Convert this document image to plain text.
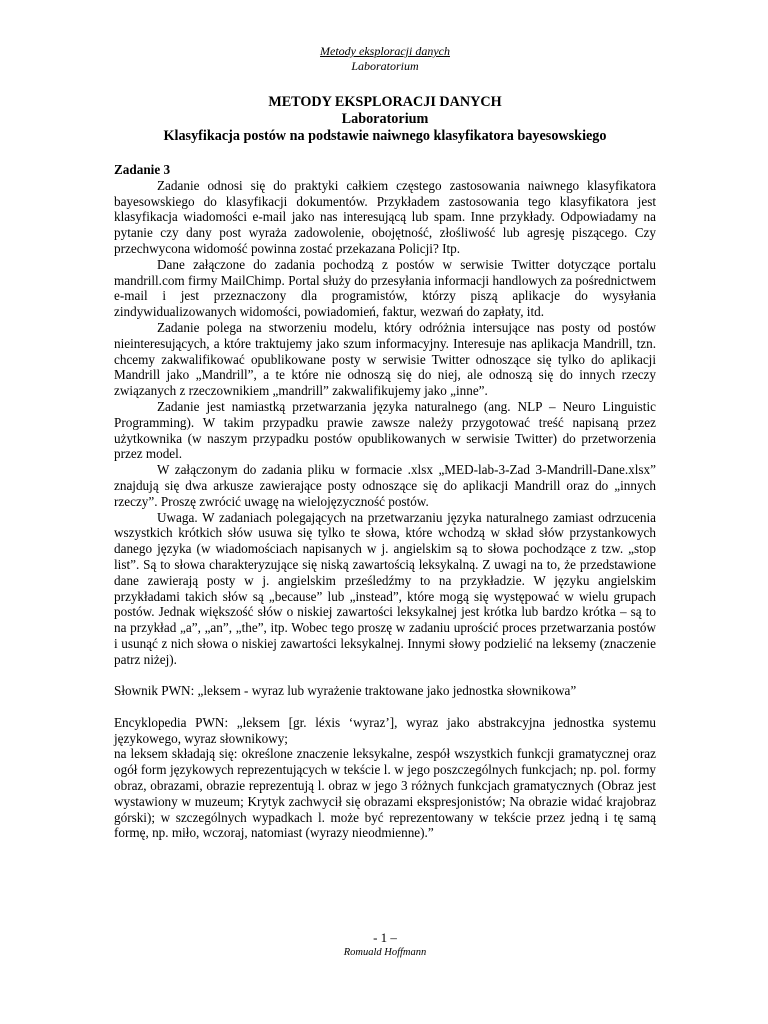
Metody eksploracji danych
Laboratorium
METODY EKSPLORACJI DANYCH
Laboratorium
Klasyfikacja postów na podstawie naiwnego klasyfikatora bayesowskiego
Zadanie 3

Zadanie odnosi się do praktyki całkiem częstego zastosowania naiwnego klasyfikatora bayesowskiego do klasyfikacji dokumentów. Przykładem zastosowania tego klasyfikatora jest klasyfikacja wiadomości e-mail jako nas interesującą lub spam. Inne przykłady. Odpowiadamy na pytanie czy dany post wyraża zadowolenie, obojętność, złośliwość lub agresję piszącego. Czy przechwycona widomość powinna zostać przekazana Policji? Itp.

Dane załączone do zadania pochodzą z postów w serwisie Twitter dotyczące portalu mandrill.com firmy MailChimp. Portal służy do przesyłania informacji handlowych za pośrednictwem e-mail i jest przeznaczony dla programistów, którzy piszą aplikacje do wysyłania zindywidualizowanych widomości, powiadomień, faktur, wezwań do zapłaty, itd.

Zadanie polega na stworzeniu modelu, który odróżnia intersujące nas posty od postów nieinteresujących, a które traktujemy jako szum informacyjny. Interesuje nas aplikacja Mandrill, tzn. chcemy zakwalifikować opublikowane posty w serwisie Twitter odnoszące się tylko do aplikacji Mandrill jako „Mandrill”, a te które nie odnoszą się do niej, ale odnoszą się do innych rzeczy związanych z rzeczownikiem „mandrill” zakwalifikujemy jako „inne”.

Zadanie jest namiastką przetwarzania języka naturalnego (ang. NLP – Neuro Linguistic Programming). W takim przypadku prawie zawsze należy przygotować treść napisaną przez użytkownika (w naszym przypadku postów opublikowanych w serwisie Twitter) do przetworzenia przez model.

W załączonym do zadania pliku w formacie .xlsx „MED-lab-3-Zad 3-Mandrill-Dane.xlsx” znajdują się dwa arkusze zawierające posty odnoszące się do aplikacji Mandrill oraz do „innych rzeczy”. Proszę zwrócić uwagę na wielojęzyczność postów.

Uwaga. W zadaniach polegających na przetwarzaniu języka naturalnego zamiast odrzucenia wszystkich krótkich słów usuwa się tylko te słowa, które wchodzą w skład słów przystankowych danego języka (w wiadomościach napisanych w j. angielskim są to słowa pochodzące z tzw. „stop list”. Są to słowa charakteryzujące się niską zawartością leksykalną. Z uwagi na to, że przedstawione dane zawierają posty w j. angielskim prześledźmy to na przykładzie. W języku angielskim przykładami takich słów są „because” lub „instead”, które mogą się występować w wielu grupach postów. Jednak większość słów o niskiej zawartości leksykalnej jest krótka lub bardzo krótka – są to na przykład „a”, „an”, „the”, itp. Wobec tego proszę w zadaniu uprościć proces przetwarzania postów i usunąć z nich słowa o niskiej zawartości leksykalnej. Innymi słowy podzielić na leksemy (znaczenie patrz niżej).

Słownik PWN: „leksem - wyraz lub wyrażenie traktowane jako jednostka słownikowa”

Encyklopedia PWN: „leksem [gr. léxis ‘wyraz’], wyraz jako abstrakcyjna jednostka systemu językowego, wyraz słownikowy;

na leksem składają się: określone znaczenie leksykalne, zespół wszystkich funkcji gramatycznej oraz ogół form językowych reprezentujących w tekście l. w jego poszczególnych funkcjach; np. pol. formy obraz, obrazami, obrazie reprezentują l. obraz w jego 3 różnych funkcjach gramatycznych (Obraz jest wystawiony w muzeum; Krytyk zachwycił się obrazami ekspresjonistów; Na obrazie widać krajobraz górski); w szczególnych wypadkach l. może być reprezentowany w tekście przez jedną i tę samą formę, np. miło, wczoraj, natomiast (wyrazy nieodmienne).”

- 1 –
Romuald Hoffmann
